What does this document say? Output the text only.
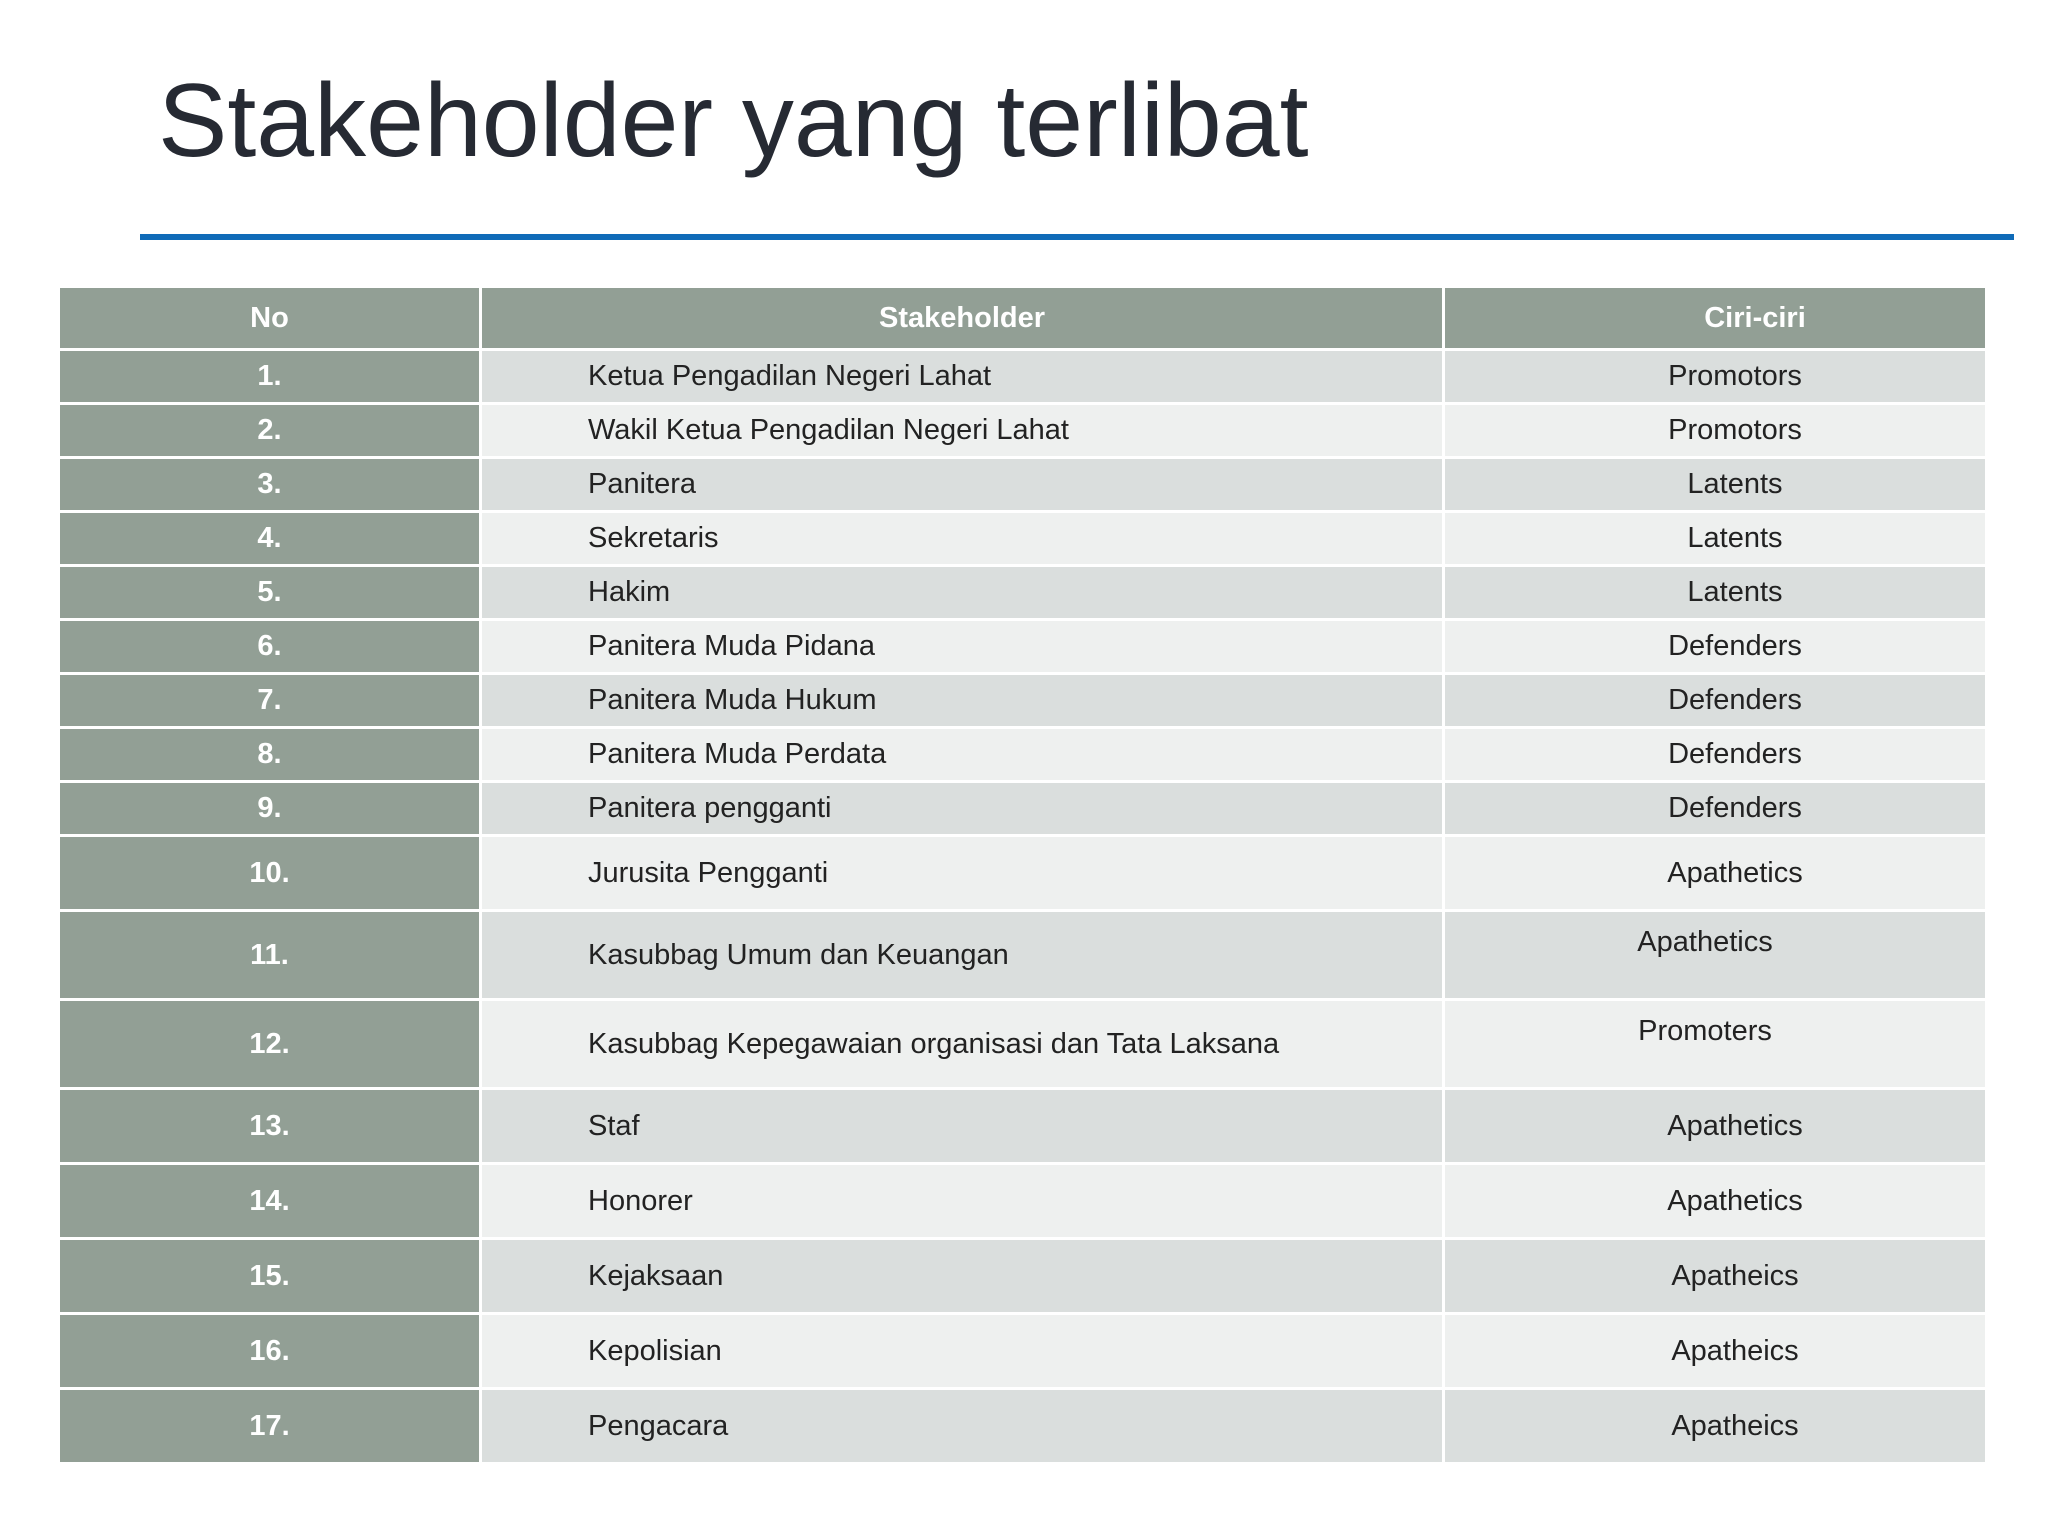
Stakeholder yang terlibat
No	Stakeholder	Ciri-ciri
1.	Ketua Pengadilan Negeri Lahat	Promotors
2.	Wakil Ketua Pengadilan Negeri Lahat	Promotors
3.	Panitera	Latents
4.	Sekretaris	Latents
5.	Hakim	Latents
6.	Panitera Muda Pidana	Defenders
7.	Panitera Muda Hukum	Defenders
8.	Panitera Muda Perdata	Defenders
9.	Panitera pengganti	Defenders
10.	Jurusita Pengganti	Apathetics
11.	Kasubbag Umum dan Keuangan	Apathetics
12.	Kasubbag Kepegawaian organisasi dan Tata Laksana	Promoters
13.	Staf	Apathetics
14.	Honorer	Apathetics
15.	Kejaksaan	Apatheics
16.	Kepolisian	Apatheics
17.	Pengacara	Apatheics
